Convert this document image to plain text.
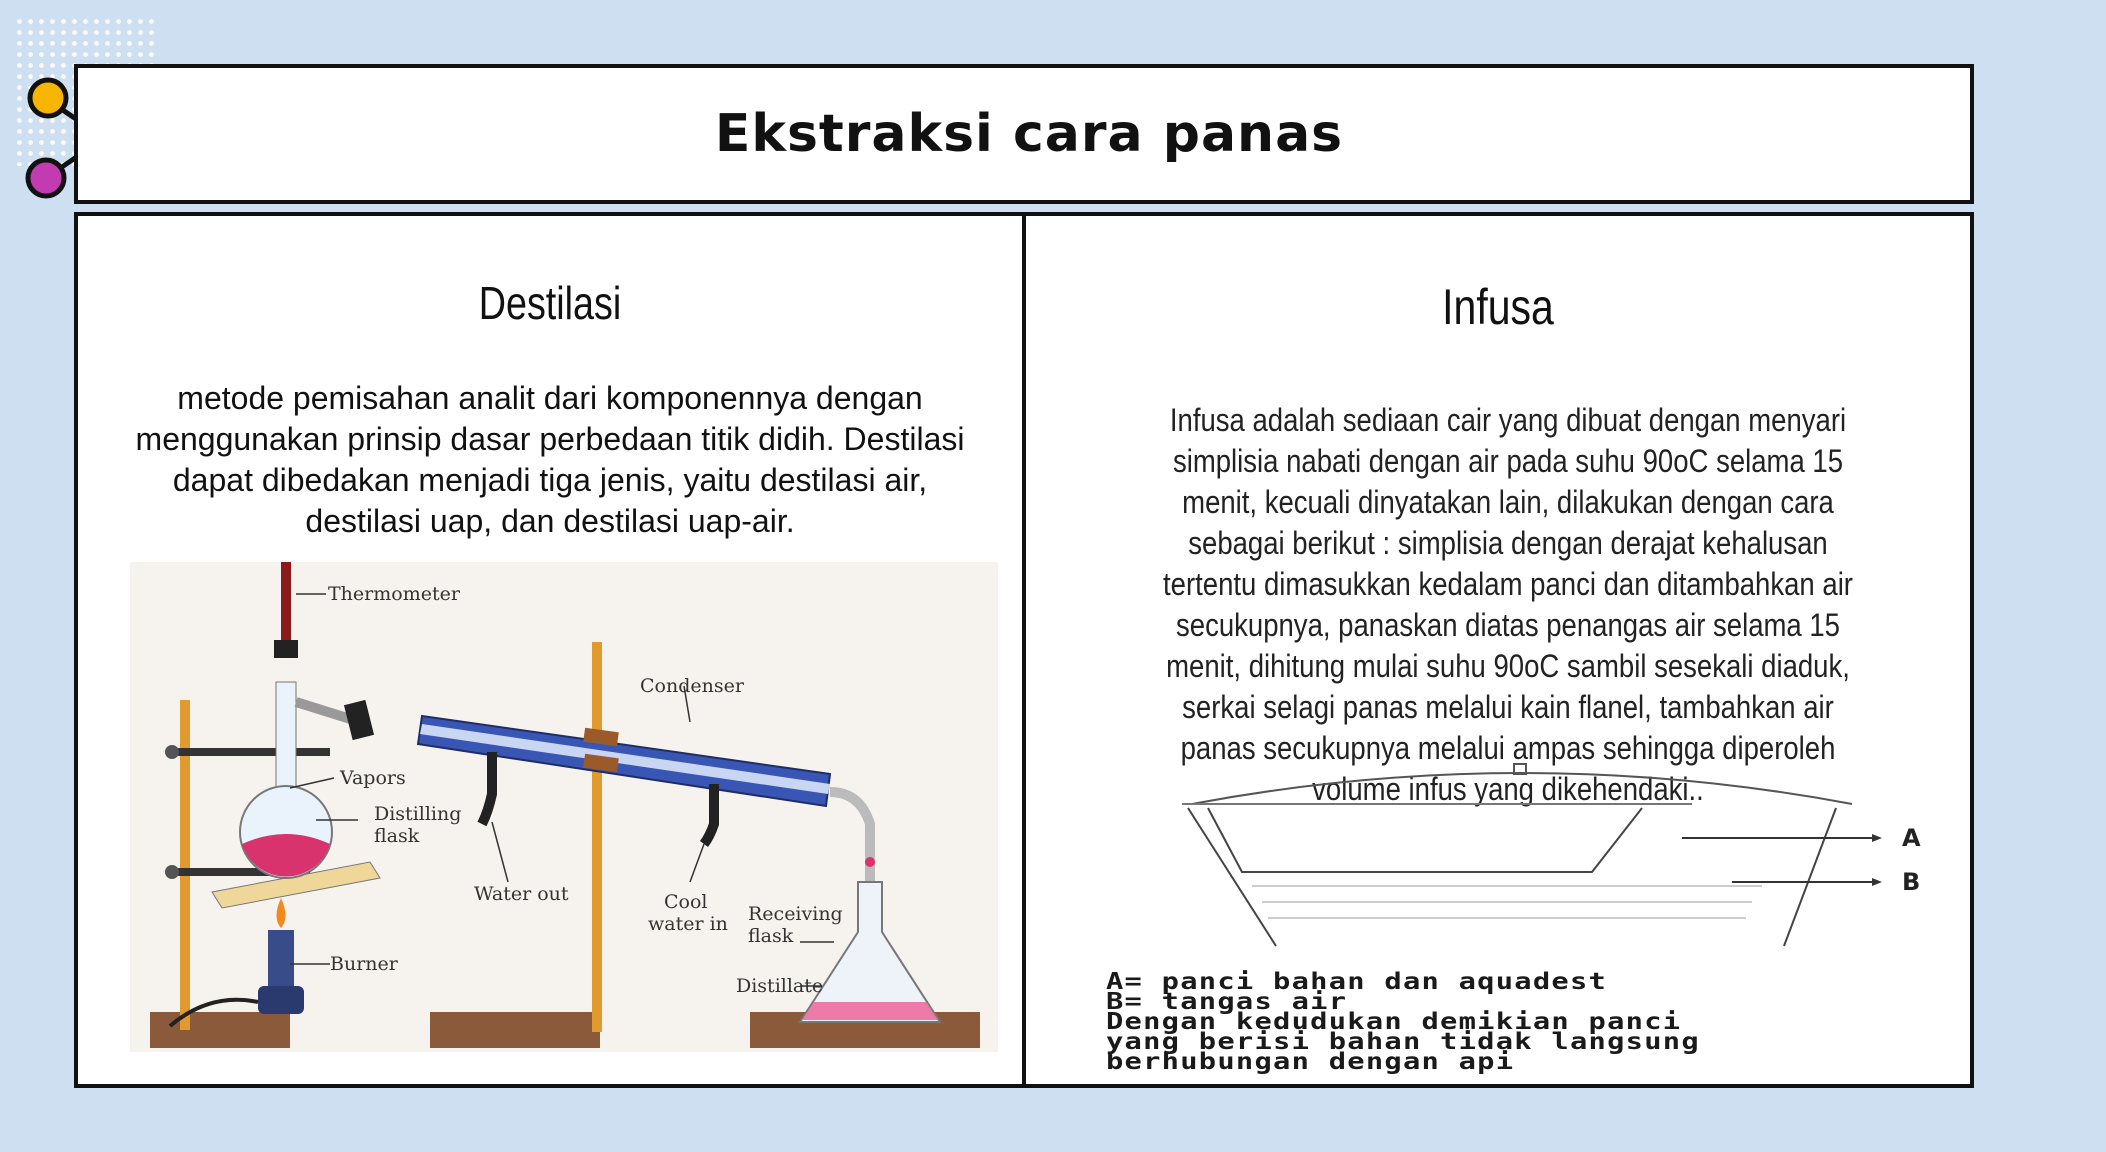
Ekstraksi cara panas
Destilasi

metode pemisahan analit dari komponennya dengan menggunakan prinsip dasar perbedaan titik didih. Destilasi dapat dibedakan menjadi tiga jenis, yaitu destilasi air, destilasi uap, dan destilasi uap-air.

Thermometer
Condenser
Vapors
Distilling
flask
Water out	Cool
water in Receiving
flask
Burner
Distillate
Infusa

Infusa adalah sediaan cair yang dibuat dengan menyari simplisia nabati dengan air pada suhu 90oC selama 15 menit, kecuali dinyatakan lain, dilakukan dengan cara sebagai berikut : simplisia dengan derajat kehalusan tertentu dimasukkan kedalam panci dan ditambahkan air secukupnya, panaskan diatas penangas air selama 15 menit, dihitung mulai suhu 90oC sambil sesekali diaduk, serkai selagi panas melalui kain flanel, tambahkan air panas secukupnya melalui ampas sehingga diperoleh volume infus yang dikehendaki..

A
B
A= panci bahan dan aquadest
B= tangas air
Dengan kedudukan demikian panci
yang berisi bahan tidak langsung
berhubungan dengan api
